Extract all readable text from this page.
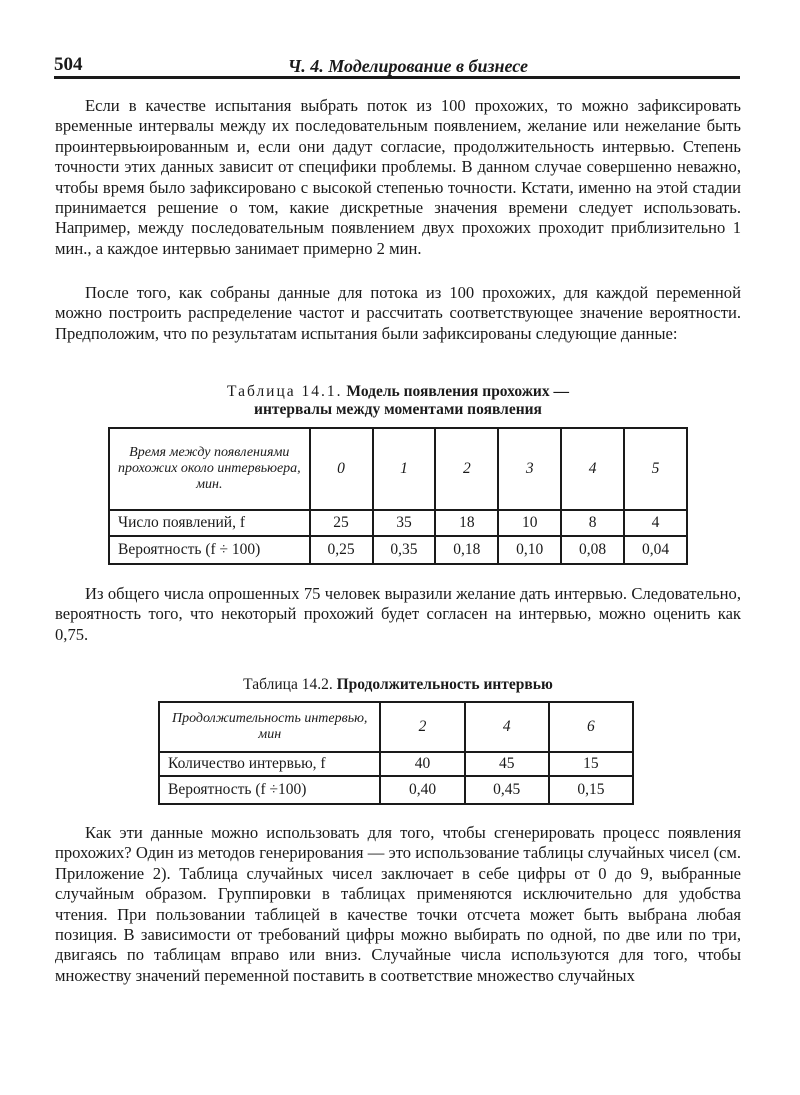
504	Ч. 4. Моделирование в бизнесе

Если в качестве испытания выбрать поток из 100 прохожих, то можно зафиксировать временные интервалы между их последовательным появлением, желание или нежелание быть проинтервьюированным и, если они дадут согласие, продолжительность интервью. Степень точности этих данных зависит от специфики проблемы. В данном случае совершенно неважно, чтобы время было зафиксировано с высокой степенью точности. Кстати, именно на этой стадии принимается решение о том, какие дискретные значения времени следует использовать. Например, между последовательным появлением двух прохожих проходит приблизительно 1 мин., а каждое интервью занимает примерно 2 мин.

После того, как собраны данные для потока из 100 прохожих, для каждой переменной можно построить распределение частот и рассчитать соответствующее значение вероятности. Предположим, что по результатам испытания были зафиксированы следующие данные:

Таблица 14.1. Модель появления прохожих —
интервалы между моментами появления
Время между появлениями прохожих около интервьюера, мин.	0	1	2	3	4	5
Число появлений, f	25	35	18	10	8	4
Вероятность (f ÷ 100)	0,25	0,35	0,18	0,10	0,08	0,04

Из общего числа опрошенных 75 человек выразили желание дать интервью. Следовательно, вероятность того, что некоторый прохожий будет согласен на интервью, можно оценить как 0,75.

Таблица 14.2. Продолжительность интервью
Продолжительность интервью, мин	2	4	6
Количество интервью, f	40	45	15
Вероятность (f ÷100)	0,40	0,45	0,15

Как эти данные можно использовать для того, чтобы сгенерировать процесс появления прохожих? Один из методов генерирования — это использование таблицы случайных чисел (см. Приложение 2). Таблица случайных чисел заключает в себе цифры от 0 до 9, выбранные случайным образом. Группировки в таблицах применяются исключительно для удобства чтения. При пользовании таблицей в качестве точки отсчета может быть выбрана любая позиция. В зависимости от требований цифры можно выбирать по одной, по две или по три, двигаясь по таблицам вправо или вниз. Случайные числа используются для того, чтобы множеству значений переменной поставить в соответствие множество случайных
